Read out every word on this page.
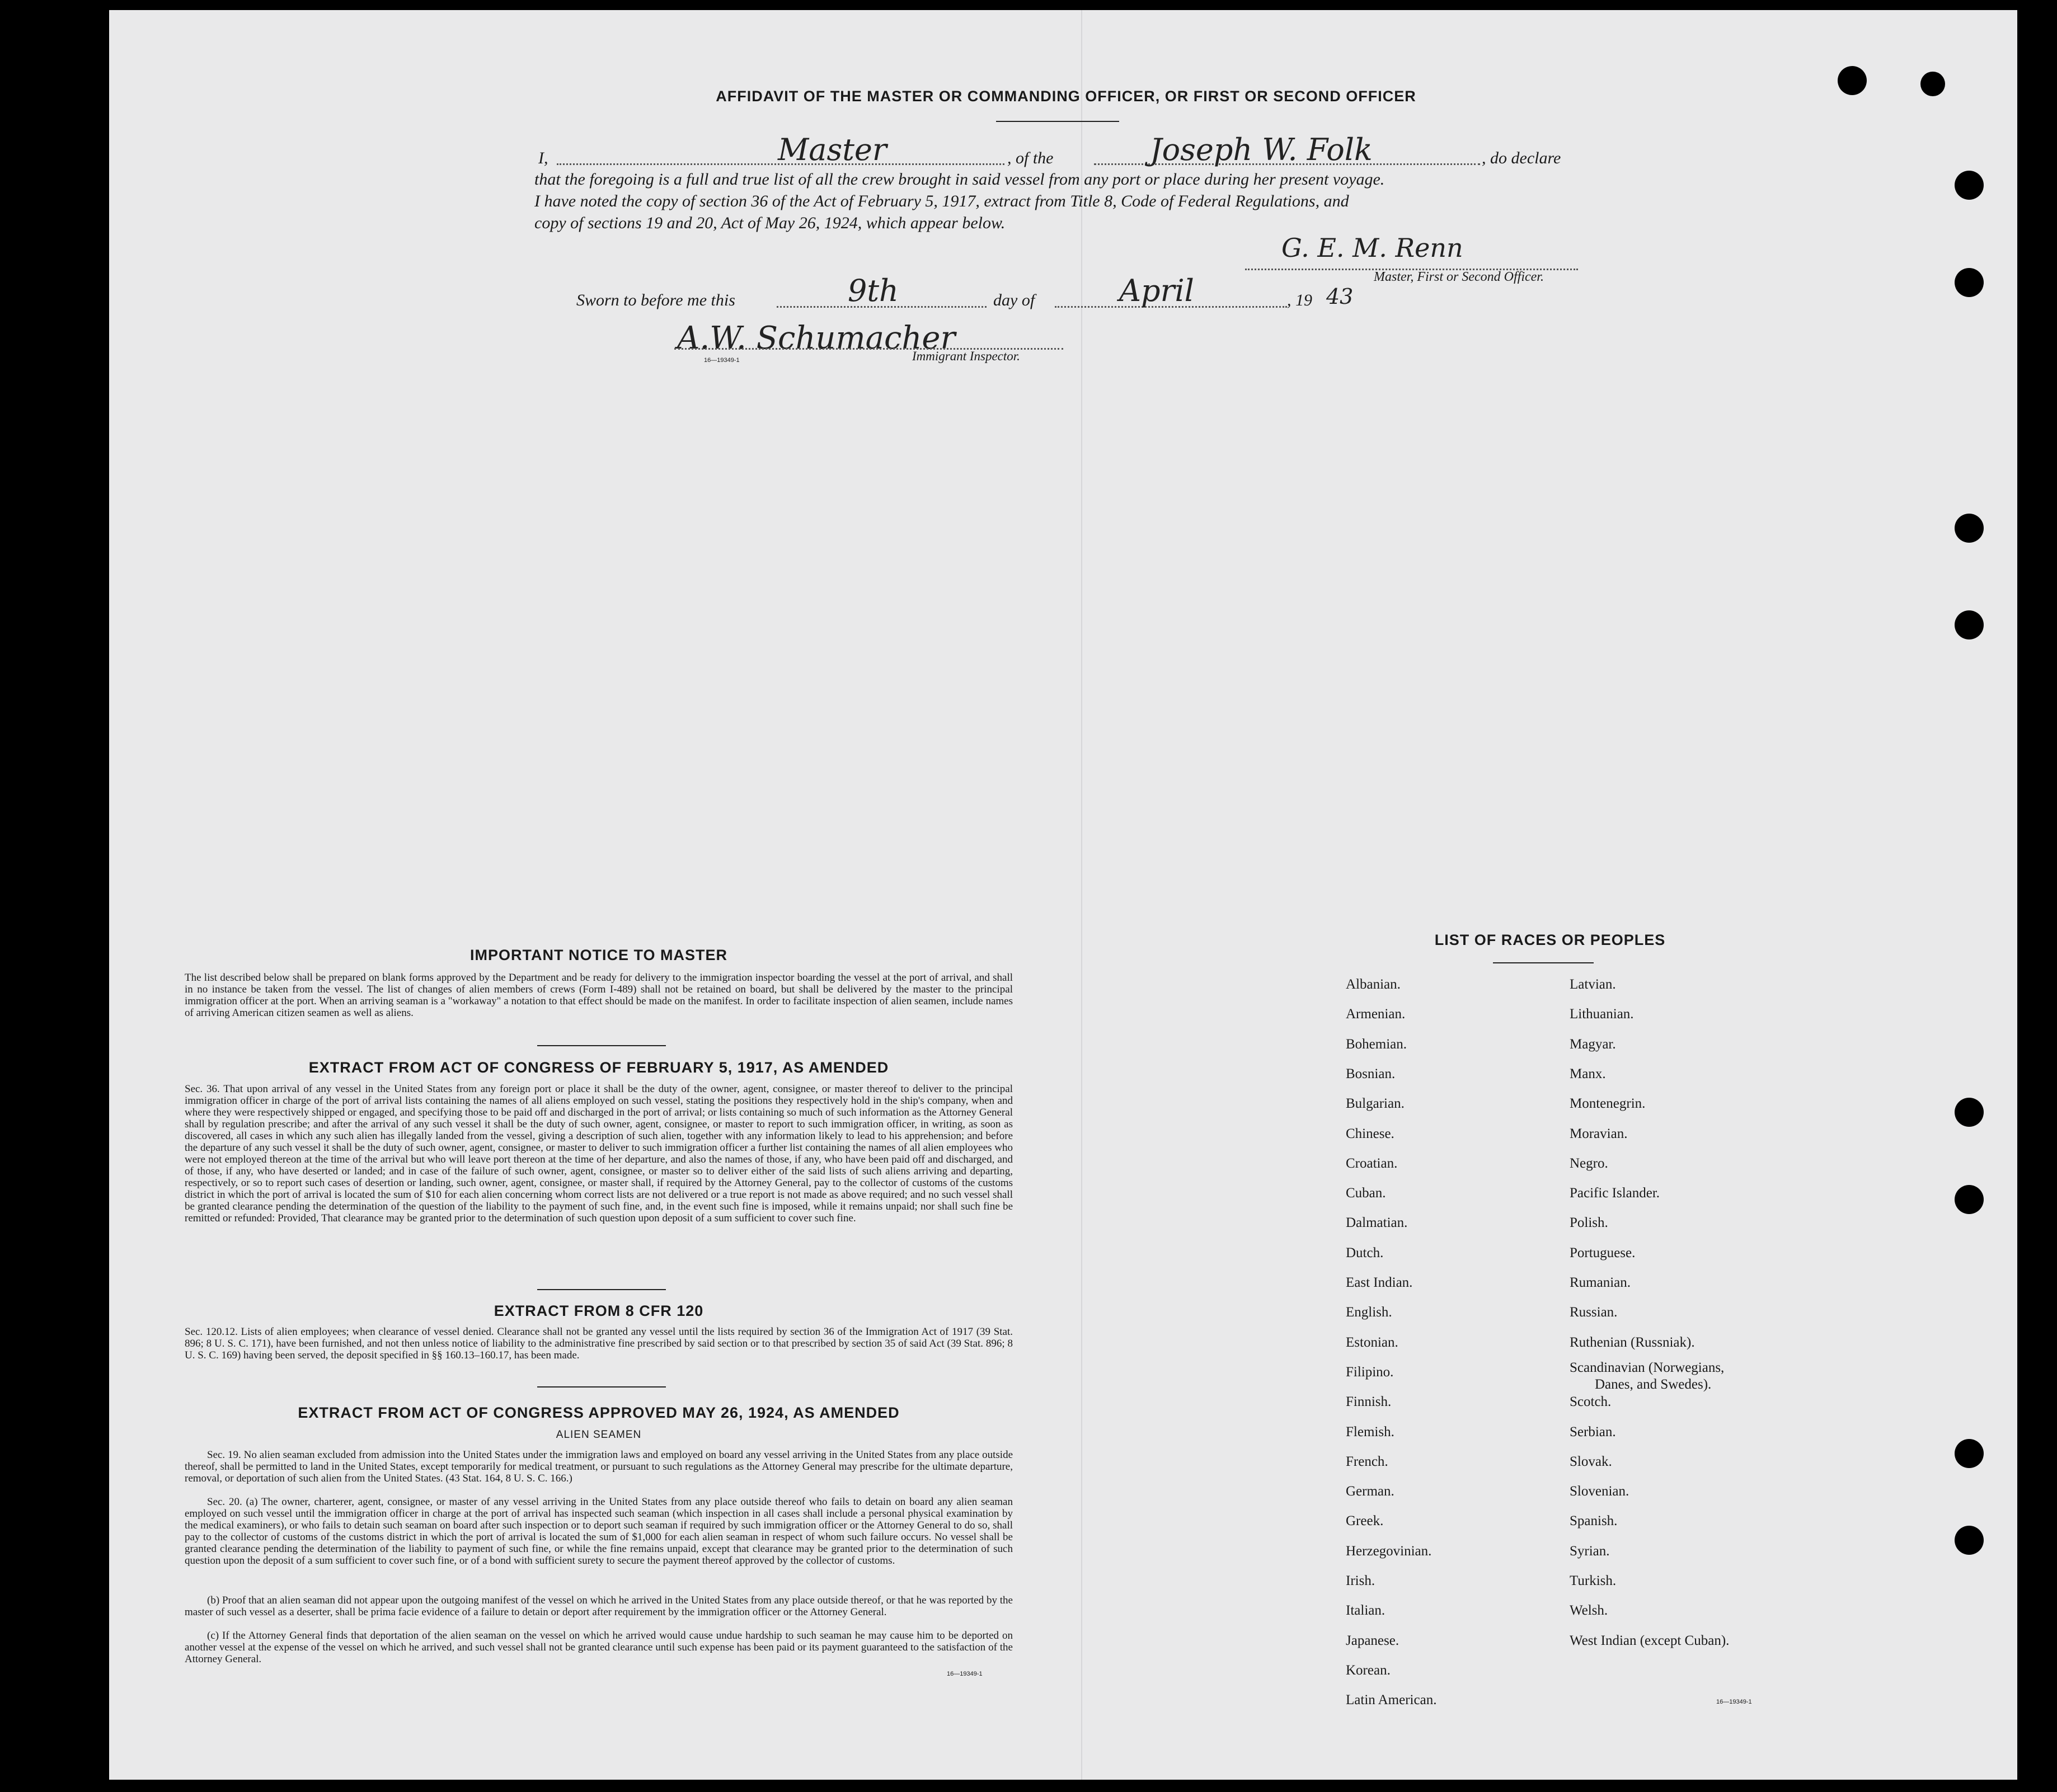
AFFIDAVIT OF THE MASTER OR COMMANDING OFFICER, OR FIRST OR SECOND OFFICER
I,	Master	, of the	Joseph W. Folk	, do declare
that the foregoing is a full and true list of all the crew brought in said vessel from any port or place during her present voyage.
I have noted the copy of section 36 of the Act of February 5, 1917, extract from Title 8, Code of Federal Regulations, and
copy of sections 19 and 20, Act of May 26, 1924, which appear below.
G. E. M. Renn
Master, First or Second Officer.
Sworn to before me this	9th	day of	April	, 19 43
A.W. Schumacher
Immigrant Inspector.
16—19349-1
IMPORTANT NOTICE TO MASTER
The list described below shall be prepared on blank forms approved by the Department and be ready for delivery to the immigration inspector boarding the vessel at the port of arrival, and shall in no instance be taken from the vessel. The list of changes of alien members of crews (Form I-489) shall not be retained on board, but shall be delivered by the master to the principal immigration officer at the port. When an arriving seaman is a "workaway" a notation to that effect should be made on the manifest. In order to facilitate inspection of alien seamen, include names of arriving American citizen seamen as well as aliens.
EXTRACT FROM ACT OF CONGRESS OF FEBRUARY 5, 1917, AS AMENDED
Sec. 36. That upon arrival of any vessel in the United States from any foreign port or place it shall be the duty of the owner, agent, consignee, or master thereof to deliver to the principal immigration officer in charge of the port of arrival lists containing the names of all aliens employed on such vessel, stating the positions they respectively hold in the ship's company, when and where they were respectively shipped or engaged, and specifying those to be paid off and discharged in the port of arrival; or lists containing so much of such information as the Attorney General shall by regulation prescribe; and after the arrival of any such vessel it shall be the duty of such owner, agent, consignee, or master to report to such immigration officer, in writing, as soon as discovered, all cases in which any such alien has illegally landed from the vessel, giving a description of such alien, together with any information likely to lead to his apprehension; and before the departure of any such vessel it shall be the duty of such owner, agent, consignee, or master to deliver to such immigration officer a further list containing the names of all alien employees who were not employed thereon at the time of the arrival but who will leave port thereon at the time of her departure, and also the names of those, if any, who have been paid off and discharged, and of those, if any, who have deserted or landed; and in case of the failure of such owner, agent, consignee, or master so to deliver either of the said lists of such aliens arriving and departing, respectively, or so to report such cases of desertion or landing, such owner, agent, consignee, or master shall, if required by the Attorney General, pay to the collector of customs of the customs district in which the port of arrival is located the sum of $10 for each alien concerning whom correct lists are not delivered or a true report is not made as above required; and no such vessel shall be granted clearance pending the determination of the question of the liability to the payment of such fine, and, in the event such fine is imposed, while it remains unpaid; nor shall such fine be remitted or refunded: Provided, That clearance may be granted prior to the determination of such question upon deposit of a sum sufficient to cover such fine.
EXTRACT FROM 8 CFR 120
Sec. 120.12. Lists of alien employees; when clearance of vessel denied. Clearance shall not be granted any vessel until the lists required by section 36 of the Immigration Act of 1917 (39 Stat. 896; 8 U. S. C. 171), have been furnished, and not then unless notice of liability to the administrative fine prescribed by said section or to that prescribed by section 35 of said Act (39 Stat. 896; 8 U. S. C. 169) having been served, the deposit specified in §§ 160.13–160.17, has been made.
EXTRACT FROM ACT OF CONGRESS APPROVED MAY 26, 1924, AS AMENDED
ALIEN SEAMEN
Sec. 19. No alien seaman excluded from admission into the United States under the immigration laws and employed on board any vessel arriving in the United States from any place outside thereof, shall be permitted to land in the United States, except temporarily for medical treatment, or pursuant to such regulations as the Attorney General may prescribe for the ultimate departure, removal, or deportation of such alien from the United States. (43 Stat. 164, 8 U. S. C. 166.)
Sec. 20. (a) The owner, charterer, agent, consignee, or master of any vessel arriving in the United States from any place outside thereof who fails to detain on board any alien seaman employed on such vessel until the immigration officer in charge at the port of arrival has inspected such seaman (which inspection in all cases shall include a personal physical examination by the medical examiners), or who fails to detain such seaman on board after such inspection or to deport such seaman if required by such immigration officer or the Attorney General to do so, shall pay to the collector of customs of the customs district in which the port of arrival is located the sum of $1,000 for each alien seaman in respect of whom such failure occurs. No vessel shall be granted clearance pending the determination of the liability to payment of such fine, or while the fine remains unpaid, except that clearance may be granted prior to the determination of such question upon the deposit of a sum sufficient to cover such fine, or of a bond with sufficient surety to secure the payment thereof approved by the collector of customs.
(b) Proof that an alien seaman did not appear upon the outgoing manifest of the vessel on which he arrived in the United States from any place outside thereof, or that he was reported by the master of such vessel as a deserter, shall be prima facie evidence of a failure to detain or deport after requirement by the immigration officer or the Attorney General.
(c) If the Attorney General finds that deportation of the alien seaman on the vessel on which he arrived would cause undue hardship to such seaman he may cause him to be deported on another vessel at the expense of the vessel on which he arrived, and such vessel shall not be granted clearance until such expense has been paid or its payment guaranteed to the satisfaction of the Attorney General.
16—19349-1
LIST OF RACES OR PEOPLES
Albanian.
Armenian.
Bohemian.
Bosnian.
Bulgarian.
Chinese.
Croatian.
Cuban.
Dalmatian.
Dutch.
East Indian.
English.
Estonian.
Filipino.
Finnish.
Flemish.
French.
German.
Greek.
Herzegovinian.
Irish.
Italian.
Japanese.
Korean.
Latin American.
Latvian.
Lithuanian.
Magyar.
Manx.
Montenegrin.
Moravian.
Negro.
Pacific Islander.
Polish.
Portuguese.
Rumanian.
Russian.
Ruthenian (Russniak).
Scandinavian (Norwegians,
Danes, and Swedes).
Scotch.
Serbian.
Slovak.
Slovenian.
Spanish.
Syrian.
Turkish.
Welsh.
West Indian (except Cuban).
16—19349-1
